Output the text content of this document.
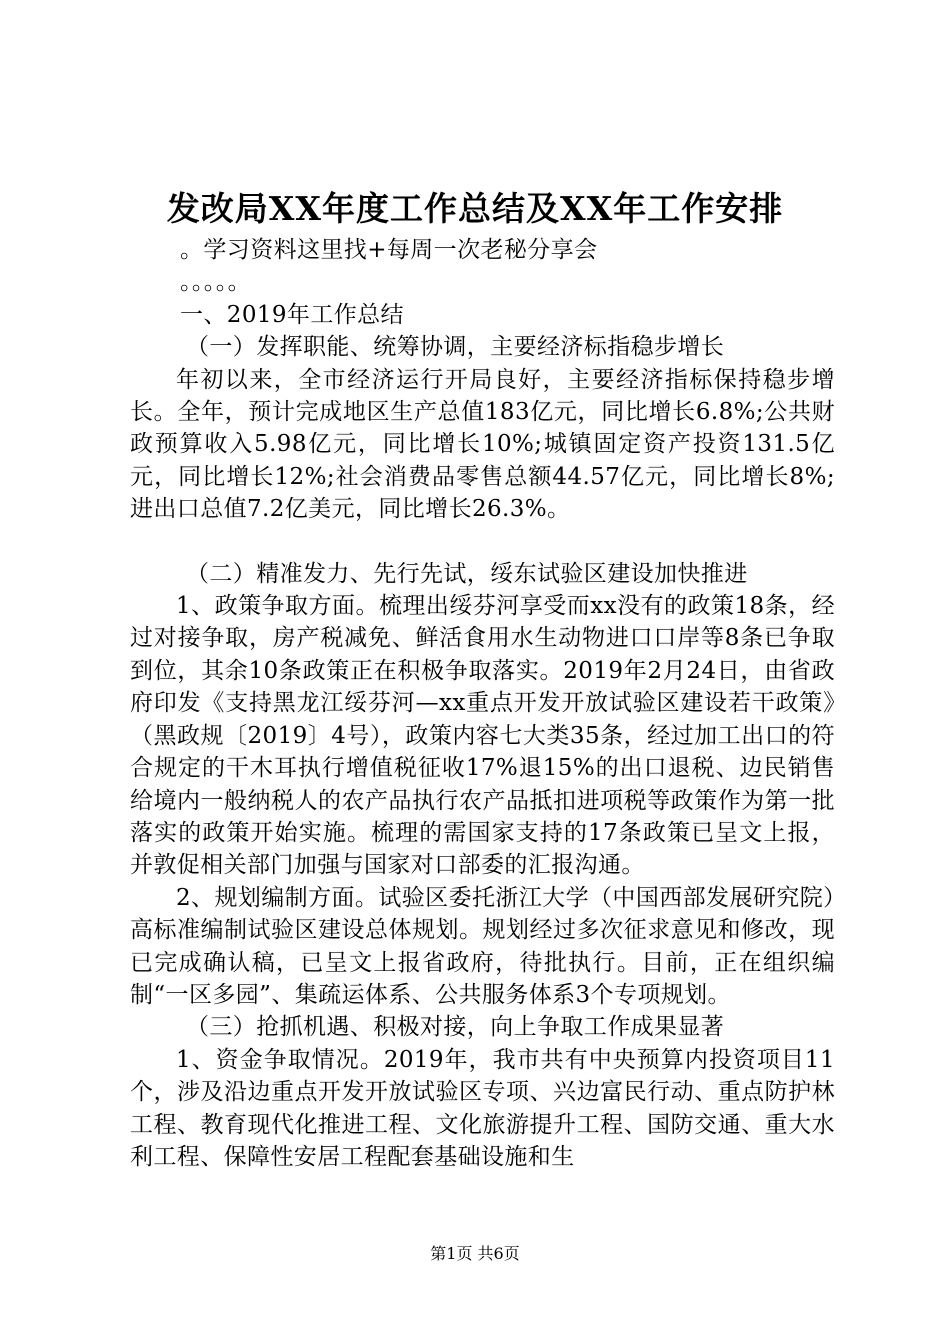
发改局XX年度工作总结及XX年工作安排

。学习资料这里找+每周一次老秘分享会

。。。。。

一、2019年工作总结

（一）发挥职能、统筹协调，主要经济标指稳步增长

年初以来，全市经济运行开局良好，主要经济指标保持稳步增长。全年，预计完成地区生产总值183亿元，同比增长6.8%;公共财政预算收入5.98亿元，同比增长10%;城镇固定资产投资131.5亿元，同比增长12%;社会消费品零售总额44.57亿元，同比增长8%;进出口总值7.2亿美元，同比增长26.3%。

（二）精准发力、先行先试，绥东试验区建设加快推进

1、政策争取方面。梳理出绥芬河享受而xx没有的政策18条，经过对接争取，房产税减免、鲜活食用水生动物进口口岸等8条已争取到位，其余10条政策正在积极争取落实。2019年2月24日，由省政府印发《支持黑龙江绥芬河—xx重点开发开放试验区建设若干政策》（黑政规〔2019〕4号），政策内容七大类35条，经过加工出口的符合规定的干木耳执行增值税征收17%退15%的出口退税、边民销售给境内一般纳税人的农产品执行农产品抵扣进项税等政策作为第一批落实的政策开始实施。梳理的需国家支持的17条政策已呈文上报，并敦促相关部门加强与国家对口部委的汇报沟通。

2、规划编制方面。试验区委托浙江大学（中国西部发展研究院）高标准编制试验区建设总体规划。规划经过多次征求意见和修改，现已完成确认稿，已呈文上报省政府，待批执行。目前，正在组织编制“一区多园”、集疏运体系、公共服务体系3个专项规划。

（三）抢抓机遇、积极对接，向上争取工作成果显著

1、资金争取情况。2019年，我市共有中央预算内投资项目11个，涉及沿边重点开发开放试验区专项、兴边富民行动、重点防护林工程、教育现代化推进工程、文化旅游提升工程、国防交通、重大水利工程、保障性安居工程配套基础设施和生

第1页 共6页
